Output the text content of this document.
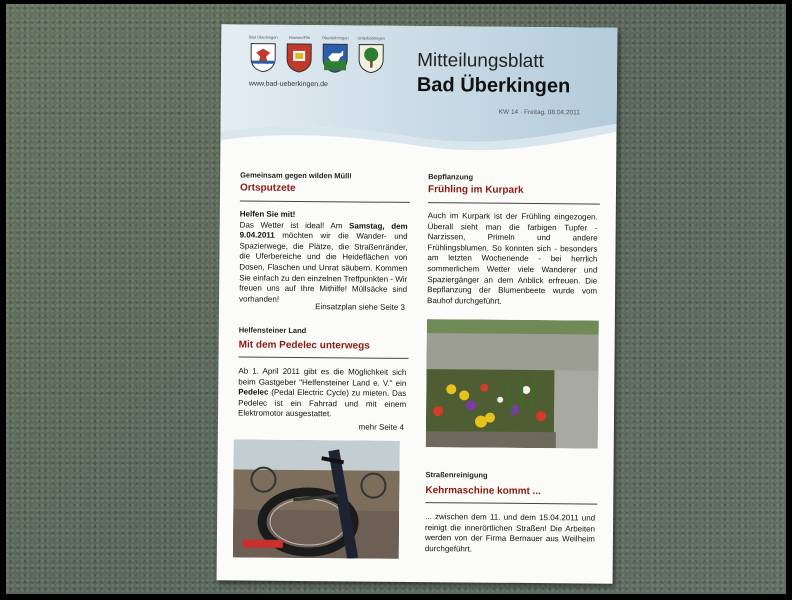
Bad Überkingen	Hausen/Fils	Oberböhringen	Unterböhringen
www.bad-ueberkingen.de
Mitteilungsblatt
Bad Überkingen
KW 14 · Freitag, 08.04.2011
Gemeinsam gegen wilden Müll!
Ortsputzete
Helfen Sie mit!
Das Wetter ist ideal! Am Samstag, dem 9.04.2011 möchten wir die Wander- und Spazierwege, die Plätze, die Straßenränder, die Uferbereiche und die Heideflächen von Dosen, Flaschen und Unrat säubern. Kommen Sie einfach zu den einzelnen Treffpunkten - Wir freuen uns auf Ihre Mithilfe! Müllsäcke sind vorhanden!
Einsatzplan siehe Seite 3
Helfensteiner Land
Mit dem Pedelec unterwegs
Ab 1. April 2011 gibt es die Möglichkeit sich beim Gastgeber "Helfensteiner Land e. V." ein Pedelec (Pedal Electric Cycle) zu mieten. Das Pedelec ist ein Fahrrad und mit einem Elektromotor ausgestattet.
mehr Seite 4
Bepflanzung
Frühling im Kurpark
Auch im Kurpark ist der Frühling eingezogen. Überall sieht man die farbigen Tupfer - Narzissen, Primeln und andere Frühlingsblumen. So konnten sich - besonders am letzten Wochenende - bei herrlich sommerlichem Wetter viele Wanderer und Spaziergänger an dem Anblick erfreuen. Die Bepflanzung der Blumenbeete wurde vom Bauhof durchgeführt.
Straßenreinigung
Kehrmaschine kommt ...
... zwischen dem 11. und dem 15.04.2011 und reinigt die innerörtlichen Straßen! Die Arbeiten werden von der Firma Bernauer aus Weilheim durchgeführt.
